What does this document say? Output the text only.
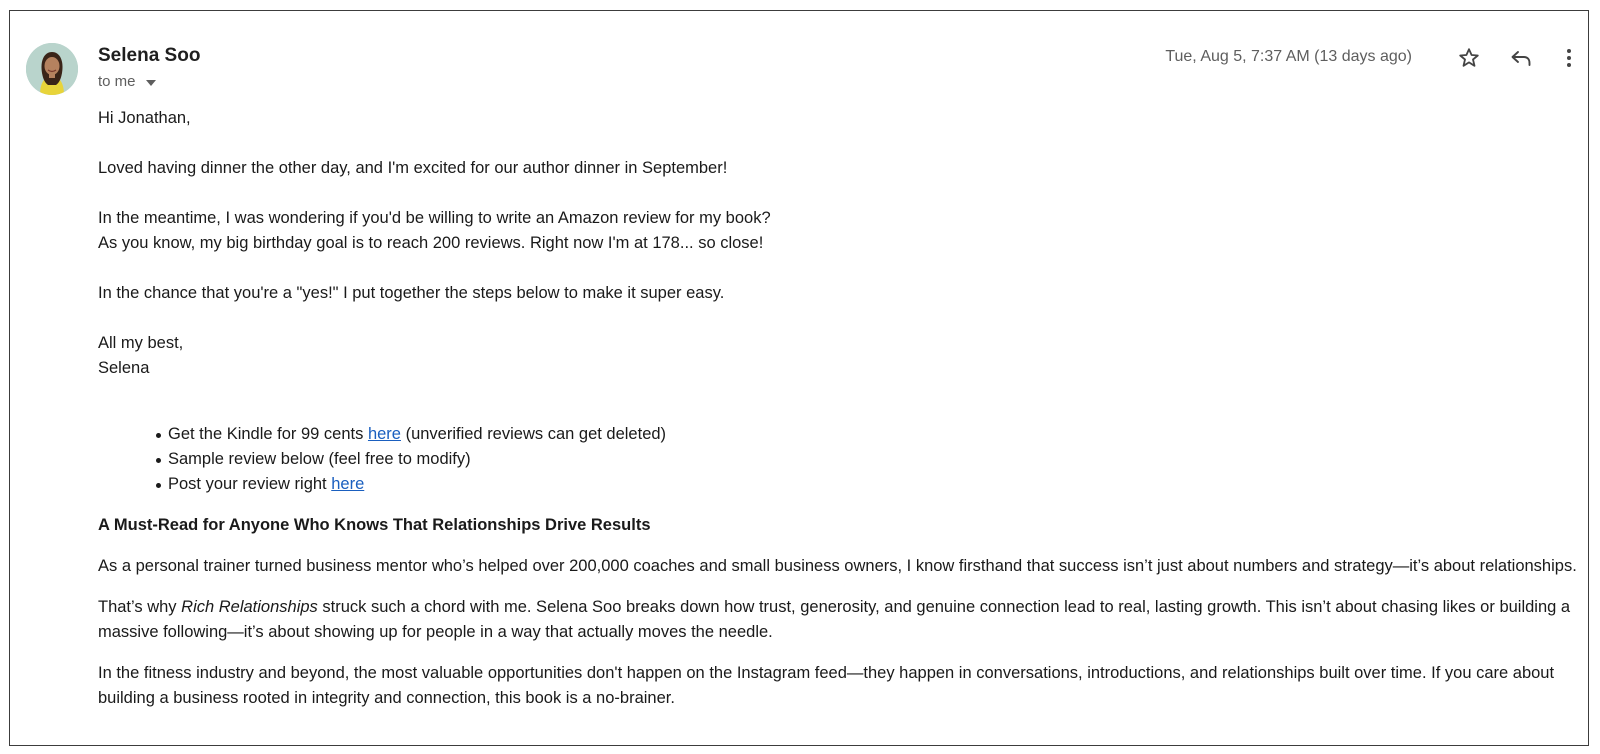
Selena Soo
to me
Tue, Aug 5, 7:37 AM (13 days ago)

Hi Jonathan,

Loved having dinner the other day, and I'm excited for our author dinner in September!

In the meantime, I was wondering if you'd be willing to write an Amazon review for my book?

As you know, my big birthday goal is to reach 200 reviews. Right now I'm at 178... so close!

In the chance that you're a "yes!" I put together the steps below to make it super easy.

All my best,

Selena

Get the Kindle for 99 cents here (unverified reviews can get deleted)
Sample review below (feel free to modify)
Post your review right here

A Must-Read for Anyone Who Knows That Relationships Drive Results

As a personal trainer turned business mentor who’s helped over 200,000 coaches and small business owners, I know firsthand that success isn’t just about numbers and strategy—it’s about relationships.

That’s why Rich Relationships struck such a chord with me. Selena Soo breaks down how trust, generosity, and genuine connection lead to real, lasting growth. This isn’t about chasing likes or building a massive following—it’s about showing up for people in a way that actually moves the needle.

In the fitness industry and beyond, the most valuable opportunities don't happen on the Instagram feed—they happen in conversations, introductions, and relationships built over time. If you care about building a business rooted in integrity and connection, this book is a no-brainer.
